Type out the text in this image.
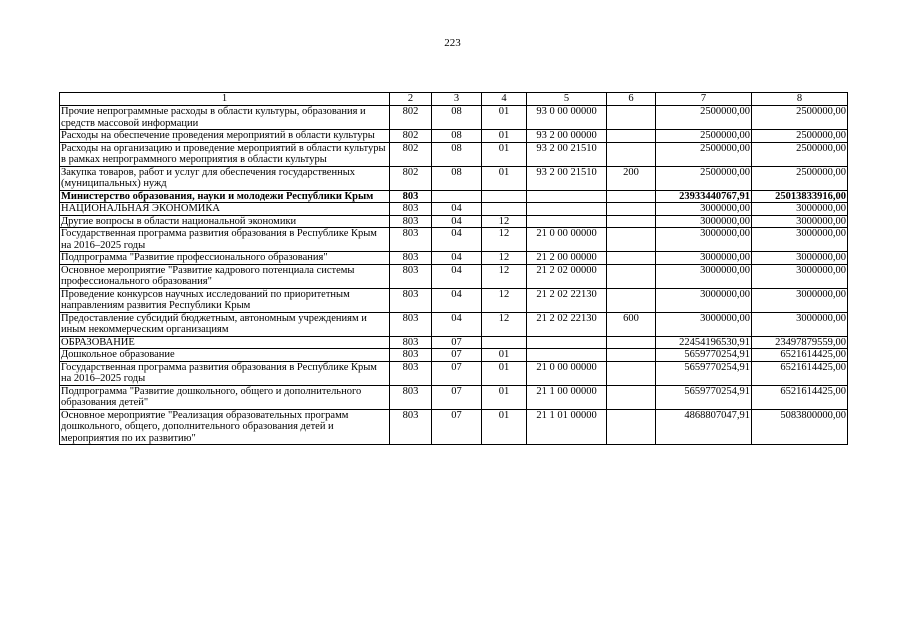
223
1	2	3	4	5	6	7	8
Прочие непрограммные расходы в области культуры, образования и средств массовой информации	802	08	01	93 0 00 00000		2500000,00	2500000,00
Расходы на обеспечение проведения мероприятий в области культуры	802	08	01	93 2 00 00000		2500000,00	2500000,00
Расходы на организацию и проведение мероприятий в области культуры в рамках непрограммного мероприятия в области культуры	802	08	01	93 2 00 21510		2500000,00	2500000,00
Закупка товаров, работ и услуг для обеспечения государственных (муниципальных) нужд	802	08	01	93 2 00 21510	200	2500000,00	2500000,00
Министерство образования, науки и молодежи Республики Крым	803					23933440767,91	25013833916,00
НАЦИОНАЛЬНАЯ ЭКОНОМИКА	803	04				3000000,00	3000000,00
Другие вопросы в области национальной экономики	803	04	12			3000000,00	3000000,00
Государственная программа развития образования в Республике Крым на 2016–2025 годы	803	04	12	21 0 00 00000		3000000,00	3000000,00
Подпрограмма "Развитие профессионального образования"	803	04	12	21 2 00 00000		3000000,00	3000000,00
Основное мероприятие "Развитие кадрового потенциала системы профессионального образования"	803	04	12	21 2 02 00000		3000000,00	3000000,00
Проведение конкурсов научных исследований по приоритетным направлениям развития Республики Крым	803	04	12	21 2 02 22130		3000000,00	3000000,00
Предоставление субсидий бюджетным, автономным учреждениям и иным некоммерческим организациям	803	04	12	21 2 02 22130	600	3000000,00	3000000,00
ОБРАЗОВАНИЕ	803	07				22454196530,91	23497879559,00
Дошкольное образование	803	07	01			5659770254,91	6521614425,00
Государственная программа развития образования в Республике Крым на 2016–2025 годы	803	07	01	21 0 00 00000		5659770254,91	6521614425,00
Подпрограмма "Развитие дошкольного, общего и дополнительного образования детей"	803	07	01	21 1 00 00000		5659770254,91	6521614425,00
Основное мероприятие "Реализация образовательных программ дошкольного, общего, дополнительного образования детей и мероприятия по их развитию"	803	07	01	21 1 01 00000		4868807047,91	5083800000,00
